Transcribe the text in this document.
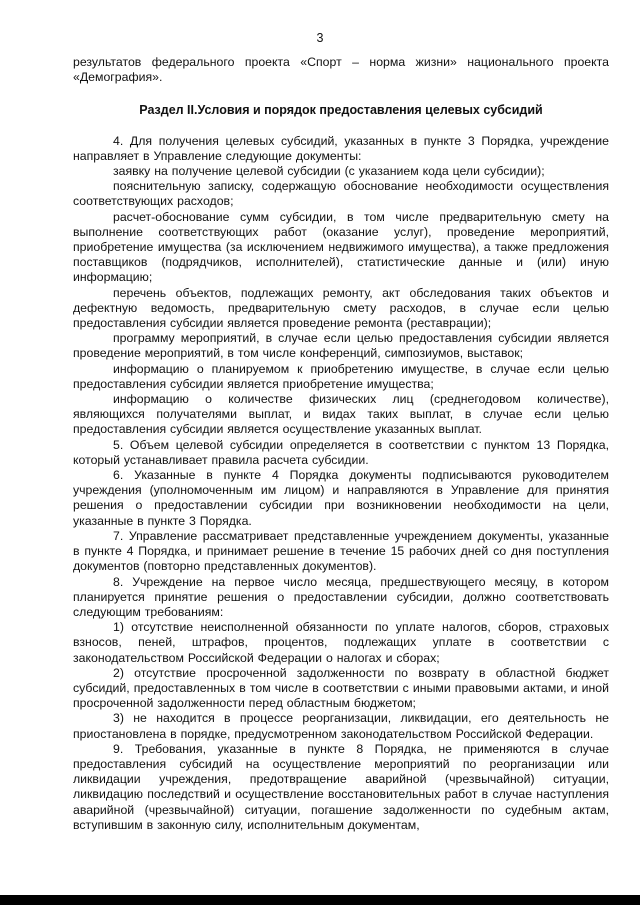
3

результатов федерального проекта «Спорт – норма жизни» национального проекта «Демография».

Раздел II.Условия и порядок предоставления целевых субсидий

4. Для получения целевых субсидий, указанных в пункте 3 Порядка, учреждение направляет в Управление следующие документы:

заявку на получение целевой субсидии (с указанием кода цели субсидии);

пояснительную записку, содержащую обоснование необходимости осуществления соответствующих расходов;

расчет-обоснование сумм субсидии, в том числе предварительную смету на выполнение соответствующих работ (оказание услуг), проведение мероприятий, приобретение имущества (за исключением недвижимого имущества), а также предложения поставщиков (подрядчиков, исполнителей), статистические данные и (или) иную информацию;

перечень объектов, подлежащих ремонту, акт обследования таких объектов и дефектную ведомость, предварительную смету расходов, в случае если целью предоставления субсидии является проведение ремонта (реставрации);

программу мероприятий, в случае если целью предоставления субсидии является проведение мероприятий, в том числе конференций, симпозиумов, выставок;

информацию о планируемом к приобретению имуществе, в случае если целью предоставления субсидии является приобретение имущества;

информацию о количестве физических лиц (среднегодовом количестве), являющихся получателями выплат, и видах таких выплат, в случае если целью предоставления субсидии является осуществление указанных выплат.

5. Объем целевой субсидии определяется в соответствии с пунктом 13 Порядка, который устанавливает правила расчета субсидии.

6. Указанные в пункте 4 Порядка документы подписываются руководителем учреждения (уполномоченным им лицом) и направляются в Управление для принятия решения о предоставлении субсидии при возникновении необходимости на цели, указанные в пункте 3 Порядка.

7. Управление рассматривает представленные учреждением документы, указанные в пункте 4 Порядка, и принимает решение в течение 15 рабочих дней со дня поступления документов (повторно представленных документов).

8. Учреждение на первое число месяца, предшествующего месяцу, в котором планируется принятие решения о предоставлении субсидии, должно соответствовать следующим требованиям:

1) отсутствие неисполненной обязанности по уплате налогов, сборов, страховых взносов, пеней, штрафов, процентов, подлежащих уплате в соответствии с законодательством Российской Федерации о налогах и сборах;

2) отсутствие просроченной задолженности по возврату в областной бюджет субсидий, предоставленных в том числе в соответствии с иными правовыми актами, и иной просроченной задолженности перед областным бюджетом;

3) не находится в процессе реорганизации, ликвидации, его деятельность не приостановлена в порядке, предусмотренном законодательством Российской Федерации.

9. Требования, указанные в пункте 8 Порядка, не применяются в случае предоставления субсидий на осуществление мероприятий по реорганизации или ликвидации учреждения, предотвращение аварийной (чрезвычайной) ситуации, ликвидацию последствий и осуществление восстановительных работ в случае наступления аварийной (чрезвычайной) ситуации, погашение задолженности по судебным актам, вступившим в законную силу, исполнительным документам,
